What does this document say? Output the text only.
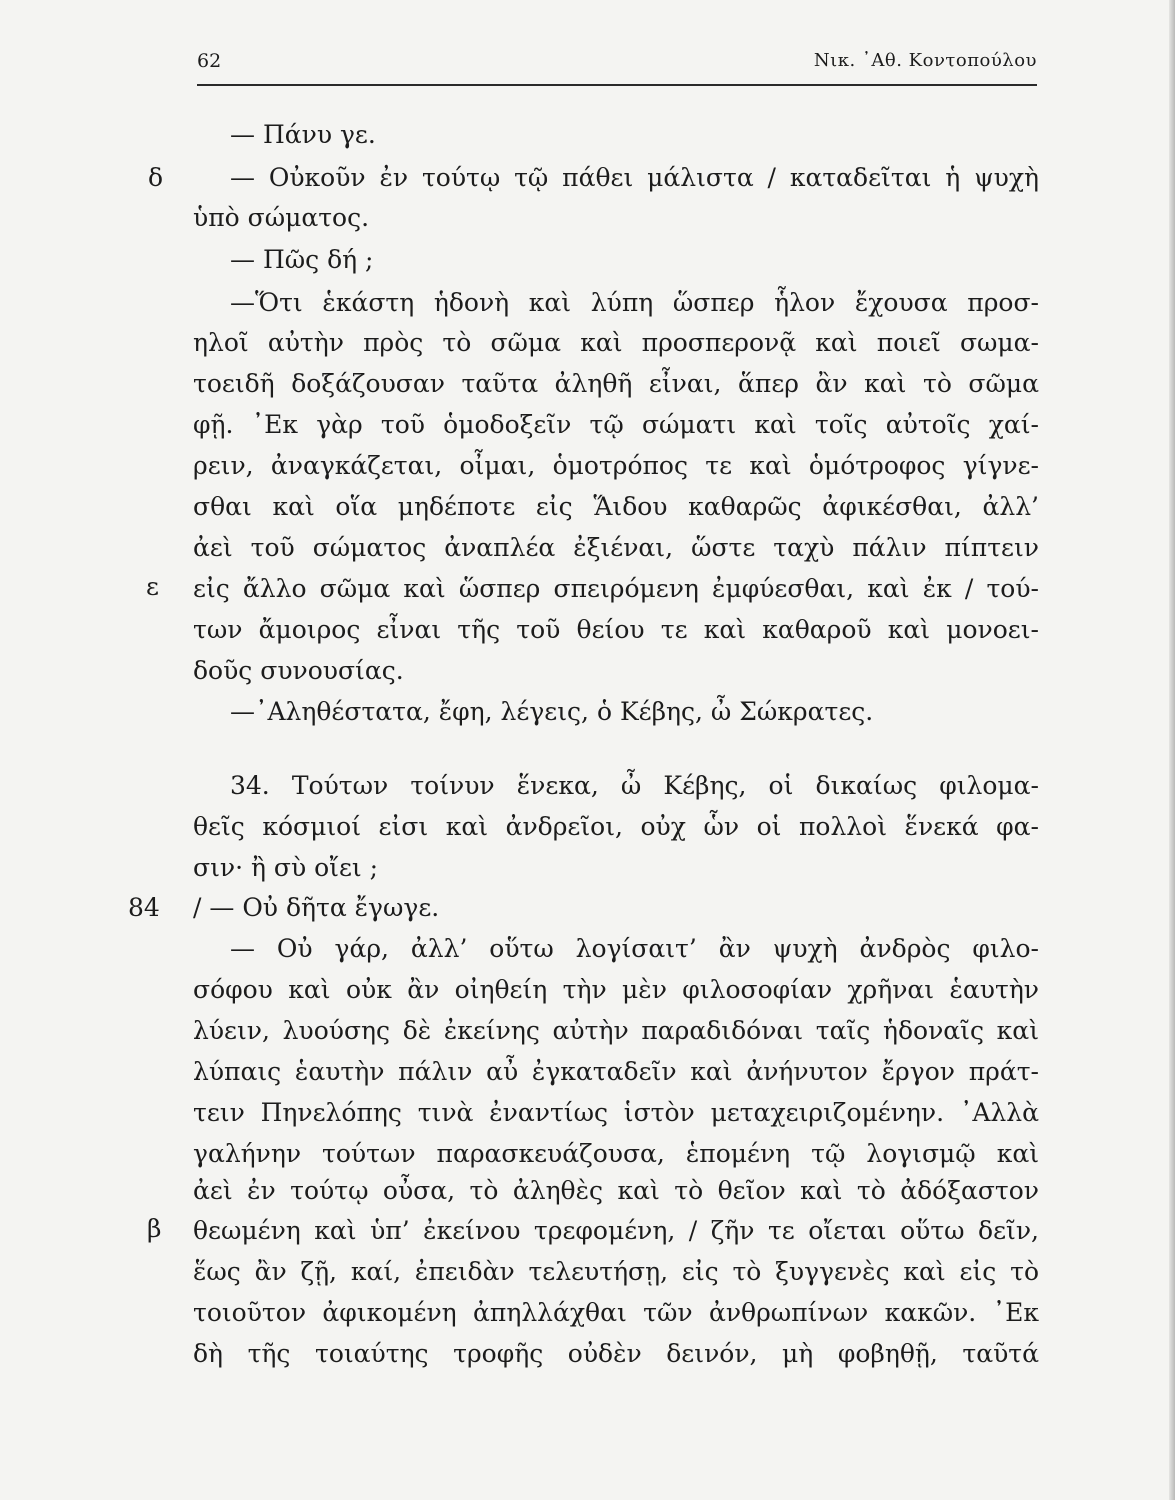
62	Νικ. ᾿Αθ. Κοντοπούλου
δ
ε
84
β
— Πάνυ γε.
— Οὐκοῦν ἐν τούτῳ τῷ πάθει μάλιστα / καταδεῖται ἡ ψυχὴ
ὑπὸ σώματος.
— Πῶς δή ;
—Ὅτι ἑκάστη ἡδονὴ καὶ λύπη ὥσπερ ἧλον ἔχουσα προσ-
ηλοῖ αὐτὴν πρὸς τὸ σῶμα καὶ προσπερονᾷ καὶ ποιεῖ σωμα-
τοειδῆ δοξάζουσαν ταῦτα ἀληθῆ εἶναι, ἅπερ ἂν καὶ τὸ σῶμα
φῇ. ᾿Εκ γὰρ τοῦ ὁμοδοξεῖν τῷ σώματι καὶ τοῖς αὐτοῖς χαί-
ρειν, ἀναγκάζεται, οἶμαι, ὁμοτρόπος τε καὶ ὁμότροφος γίγνε-
σθαι καὶ οἵα μηδέποτε εἰς Ἅιδου καθαρῶς ἀφικέσθαι, ἀλλ’
ἀεὶ τοῦ σώματος ἀναπλέα ἐξιέναι, ὥστε ταχὺ πάλιν πίπτειν
εἰς ἄλλο σῶμα καὶ ὥσπερ σπειρόμενη ἐμφύεσθαι, καὶ ἐκ / τού-
των ἄμοιρος εἶναι τῆς τοῦ θείου τε καὶ καθαροῦ καὶ μονοει-
δοῦς συνουσίας.
—᾿Αληθέστατα, ἔφη, λέγεις, ὁ Κέβης, ὦ Σώκρατες.
34. Τούτων τοίνυν ἕνεκα, ὦ Κέβης, οἱ δικαίως φιλομα-
θεῖς κόσμιοί εἰσι καὶ ἀνδρεῖοι, οὐχ ὧν οἱ πολλοὶ ἕνεκά φα-
σιν· ἢ σὺ οἴει ;
/ — Οὐ δῆτα ἔγωγε.
— Οὐ γάρ, ἀλλ’ οὕτω λογίσαιτ’ ἂν ψυχὴ ἀνδρὸς φιλο-
σόφου καὶ οὐκ ἂν οἰηθείη τὴν μὲν φιλοσοφίαν χρῆναι ἑαυτὴν
λύειν, λυούσης δὲ ἐκείνης αὐτὴν παραδιδόναι ταῖς ἡδοναῖς καὶ
λύπαις ἑαυτὴν πάλιν αὖ ἐγκαταδεῖν καὶ ἀνήνυτον ἔργον πράτ-
τειν Πηνελόπης τινὰ ἐναντίως ἱστὸν μεταχειριζομένην. ᾿Αλλὰ
γαλήνην τούτων παρασκευάζουσα, ἑπομένη τῷ λογισμῷ καὶ
ἀεὶ ἐν τούτῳ οὖσα, τὸ ἀληθὲς καὶ τὸ θεῖον καὶ τὸ ἀδόξαστον
θεωμένη καὶ ὑπ’ ἐκείνου τρεφομένη, / ζῆν τε οἴεται οὕτω δεῖν,
ἕως ἂν ζῇ, καί, ἐπειδὰν τελευτήσῃ, εἰς τὸ ξυγγενὲς καὶ εἰς τὸ
τοιοῦτον ἀφικομένη ἀπηλλάχθαι τῶν ἀνθρωπίνων κακῶν. ᾿Εκ
δὴ τῆς τοιαύτης τροφῆς οὐδὲν δεινόν, μὴ φοβηθῇ, ταῦτά
